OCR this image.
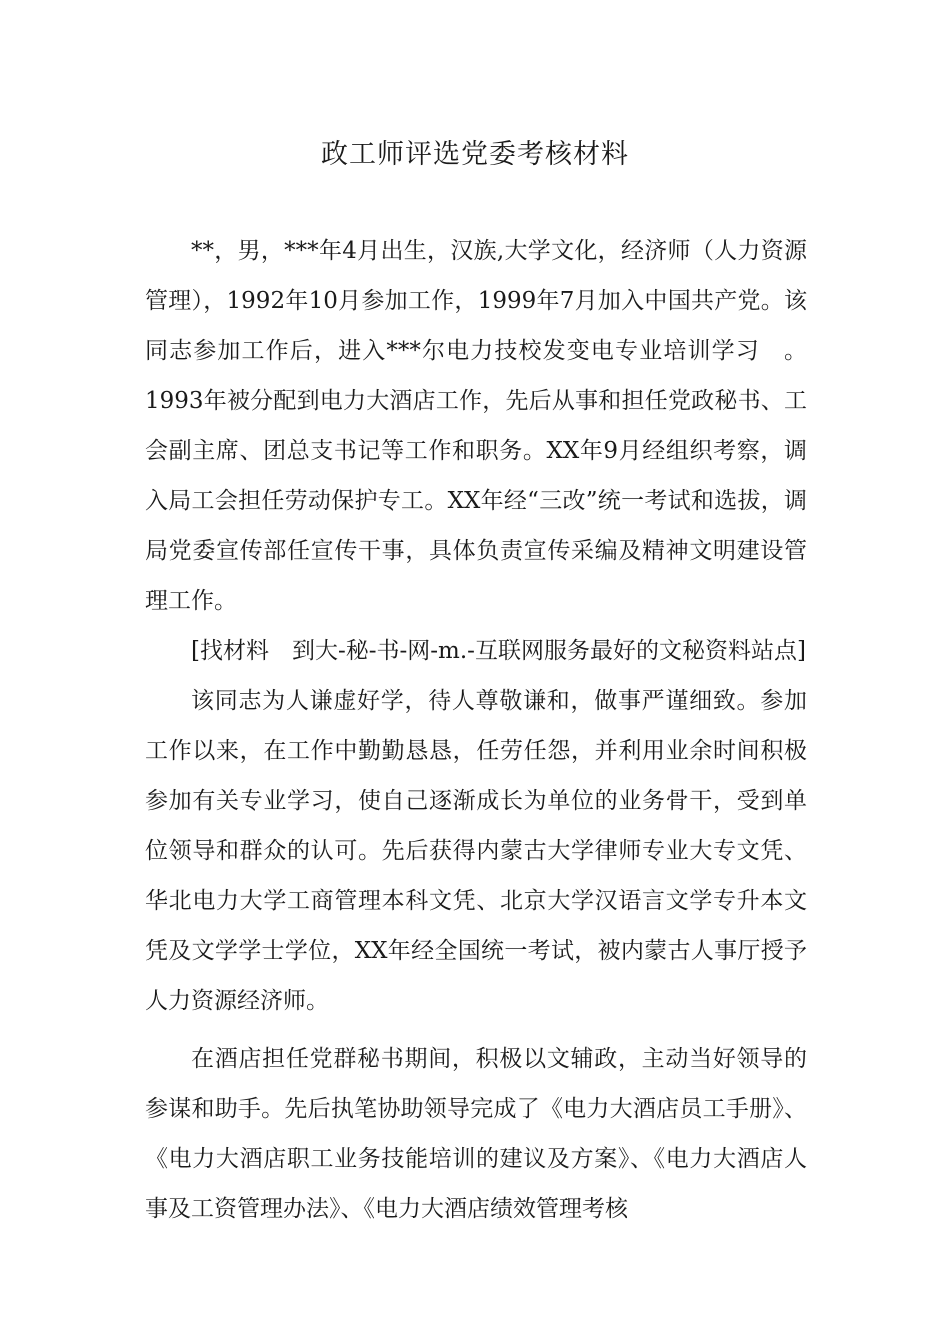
政工师评选党委考核材料

**，男，***年4月出生，汉族,大学文化，经济师（人力资源管理），1992年10月参加工作，1999年7月加入中国共产党。该同志参加工作后，进入***尔电力技校发变电专业培训学习　。1993年被分配到电力大酒店工作，先后从事和担任党政秘书、工会副主席、团总支书记等工作和职务。XX年9月经组织考察，调入局工会担任劳动保护专工。XX年经“三改”统一考试和选拔，调局党委宣传部任宣传干事，具体负责宣传采编及精神文明建设管理工作。

[找材料　到大-秘-书-网-m.-互联网服务最好的文秘资料站点]

该同志为人谦虚好学，待人尊敬谦和，做事严谨细致。参加工作以来，在工作中勤勤恳恳，任劳任怨，并利用业余时间积极参加有关专业学习，使自己逐渐成长为单位的业务骨干，受到单位领导和群众的认可。先后获得内蒙古大学律师专业大专文凭、华北电力大学工商管理本科文凭、北京大学汉语言文学专升本文凭及文学学士学位，XX年经全国统一考试，被内蒙古人事厅授予人力资源经济师。

在酒店担任党群秘书期间，积极以文辅政，主动当好领导的参谋和助手。先后执笔协助领导完成了《电力大酒店员工手册》、《电力大酒店职工业务技能培训的建议及方案》、《电力大酒店人事及工资管理办法》、《电力大酒店绩效管理考核
